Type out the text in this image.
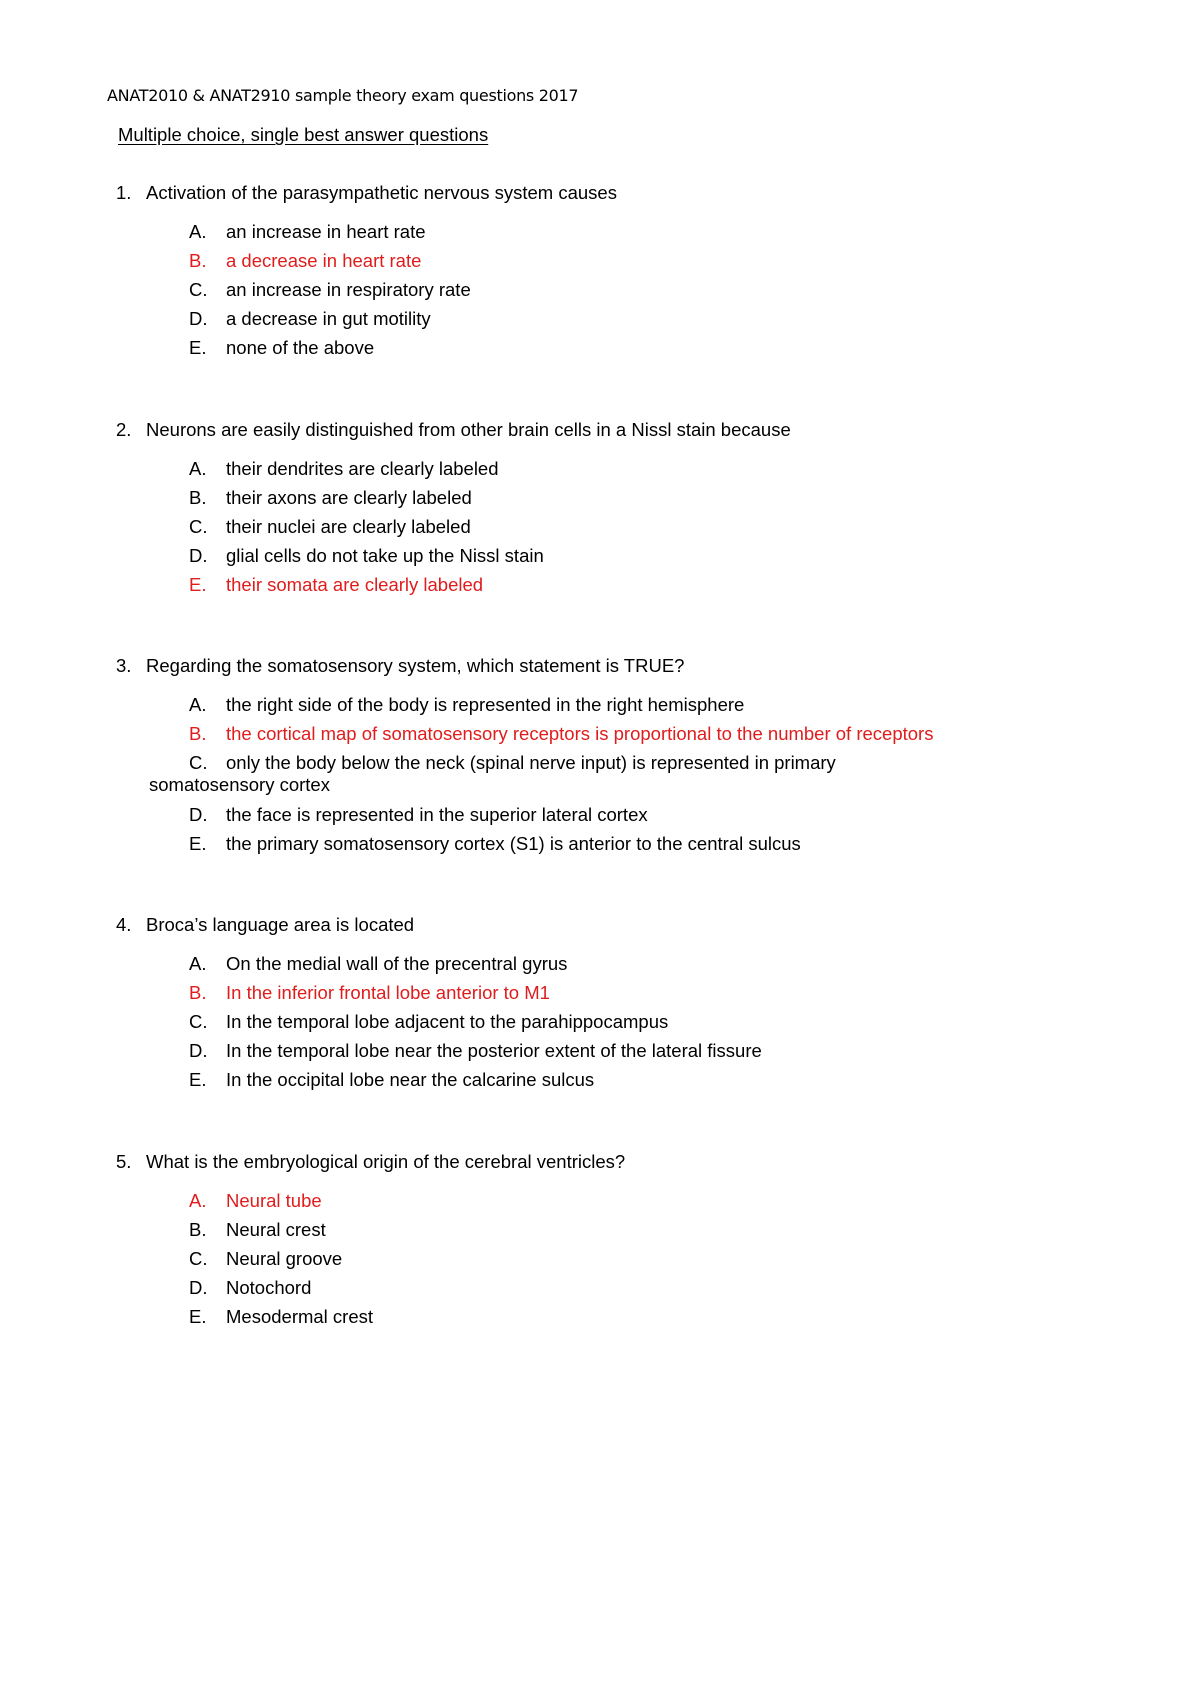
ANAT2010 & ANAT2910 sample theory exam questions 2017
Multiple choice, single best answer questions
1. Activation of the parasympathetic nervous system causes
A. an increase in heart rate
B. a decrease in heart rate
C. an increase in respiratory rate
D. a decrease in gut motility
E. none of the above
2. Neurons are easily distinguished from other brain cells in a Nissl stain because
A. their dendrites are clearly labeled
B. their axons are clearly labeled
C. their nuclei are clearly labeled
D. glial cells do not take up the Nissl stain
E. their somata are clearly labeled
3. Regarding the somatosensory system, which statement is TRUE?
A. the right side of the body is represented in the right hemisphere
B. the cortical map of somatosensory receptors is proportional to the number of receptors
C. only the body below the neck (spinal nerve input) is represented in primary
somatosensory cortex
D. the face is represented in the superior lateral cortex
E. the primary somatosensory cortex (S1) is anterior to the central sulcus
4. Broca’s language area is located
A. On the medial wall of the precentral gyrus
B. In the inferior frontal lobe anterior to M1
C. In the temporal lobe adjacent to the parahippocampus
D. In the temporal lobe near the posterior extent of the lateral fissure
E. In the occipital lobe near the calcarine sulcus
5. What is the embryological origin of the cerebral ventricles?
A. Neural tube
B. Neural crest
C. Neural groove
D. Notochord
E. Mesodermal crest
